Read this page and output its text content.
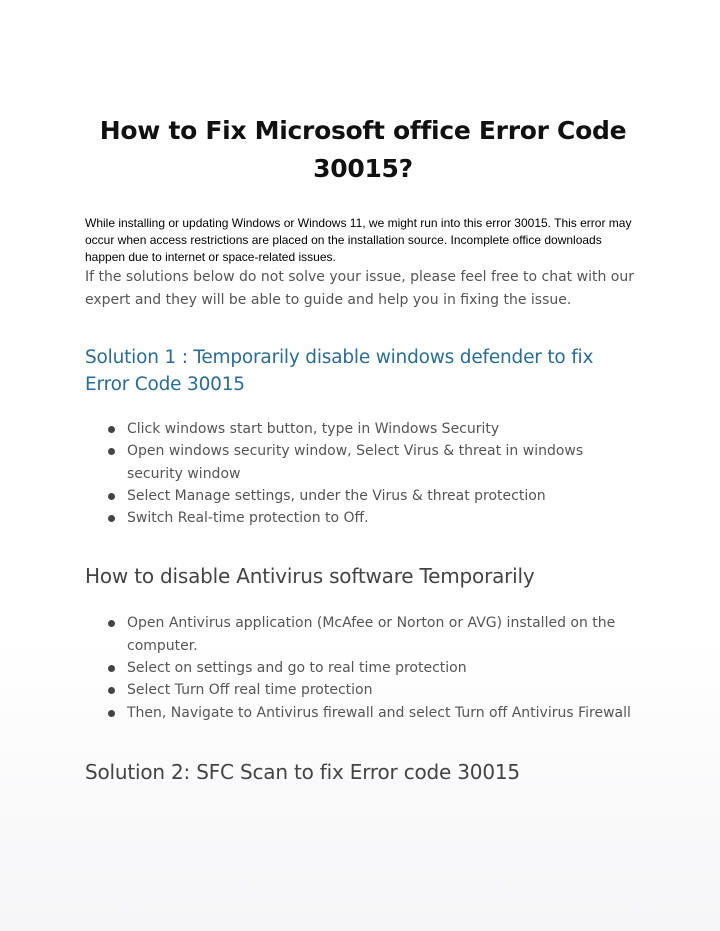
How to Fix Microsoft office Error Code 30015?

While installing or updating Windows or Windows 11, we might run into this error 30015. This error may occur when access restrictions are placed on the installation source. Incomplete office downloads happen due to internet or space-related issues.

If the solutions below do not solve your issue, please feel free to chat with our expert and they will be able to guide and help you in fixing the issue.

Solution 1 : Temporarily disable windows defender to fix Error Code 30015
Click windows start button, type in Windows Security
Open windows security window, Select Virus & threat in windows security window
Select Manage settings, under the Virus & threat protection
Switch Real-time protection to Off.
How to disable Antivirus software Temporarily
Open Antivirus application (McAfee or Norton or AVG) installed on the computer.
Select on settings and go to real time protection
Select Turn Off real time protection
Then, Navigate to Antivirus firewall and select Turn off Antivirus Firewall
Solution 2: SFC Scan to fix Error code 30015
